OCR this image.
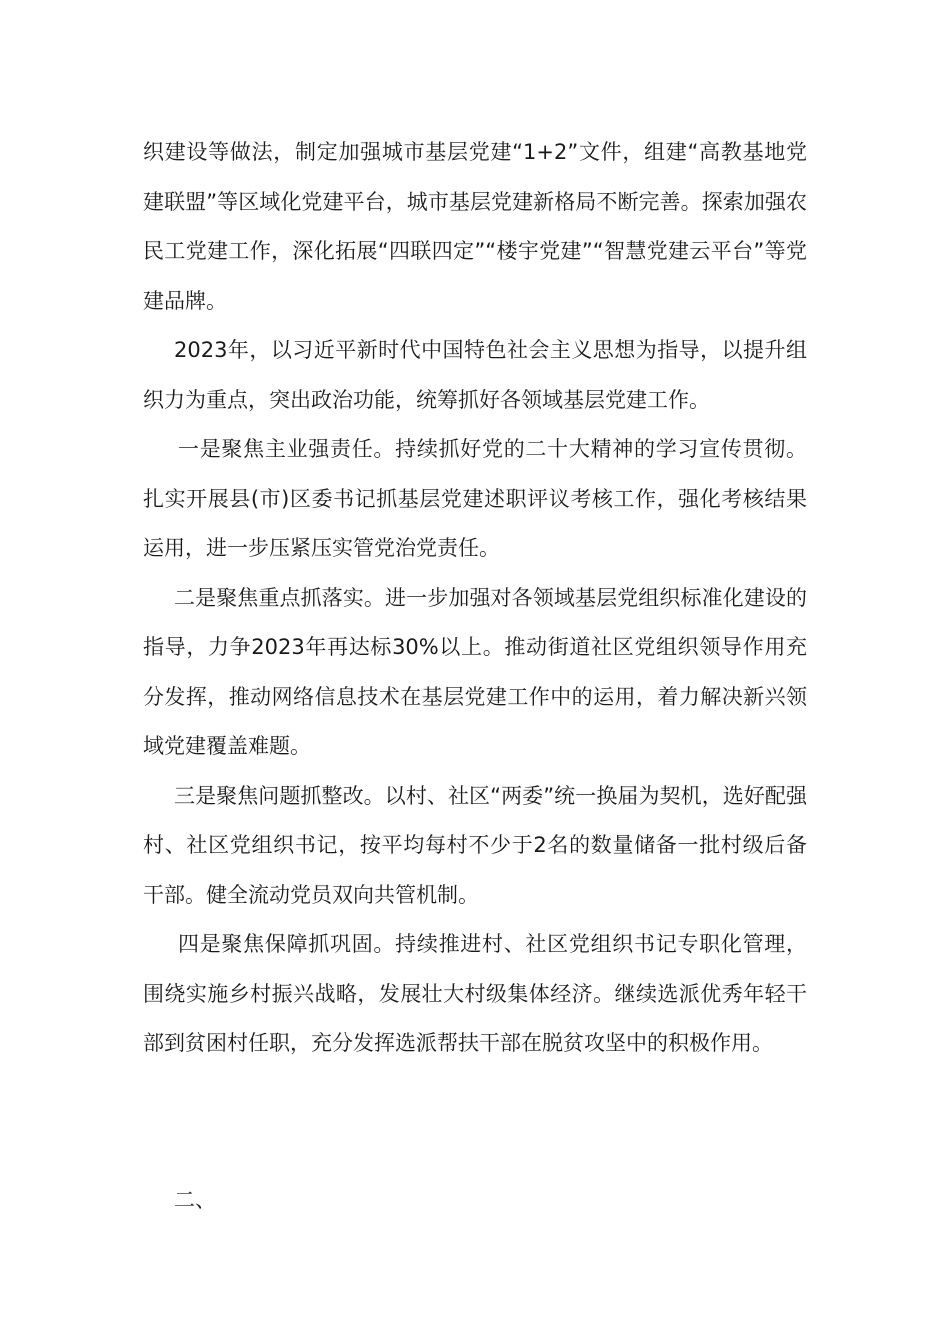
织建设等做法，制定加强城市基层党建“1+2”文件，组建“高教基地党建联盟”等区域化党建平台，城市基层党建新格局不断完善。探索加强农民工党建工作，深化拓展“四联四定”“楼宇党建”“智慧党建云平台”等党建品牌。

2023年，以习近平新时代中国特色社会主义思想为指导，以提升组织力为重点，突出政治功能，统筹抓好各领域基层党建工作。

一是聚焦主业强责任。持续抓好党的二十大精神的学习宣传贯彻。扎实开展县(市)区委书记抓基层党建述职评议考核工作，强化考核结果运用，进一步压紧压实管党治党责任。

二是聚焦重点抓落实。进一步加强对各领域基层党组织标准化建设的指导，力争2023年再达标30%以上。推动街道社区党组织领导作用充分发挥，推动网络信息技术在基层党建工作中的运用，着力解决新兴领域党建覆盖难题。

三是聚焦问题抓整改。以村、社区“两委”统一换届为契机，选好配强村、社区党组织书记，按平均每村不少于2名的数量储备一批村级后备干部。健全流动党员双向共管机制。

四是聚焦保障抓巩固。持续推进村、社区党组织书记专职化管理，围绕实施乡村振兴战略，发展壮大村级集体经济。继续选派优秀年轻干部到贫困村任职，充分发挥选派帮扶干部在脱贫攻坚中的积极作用。

二、
